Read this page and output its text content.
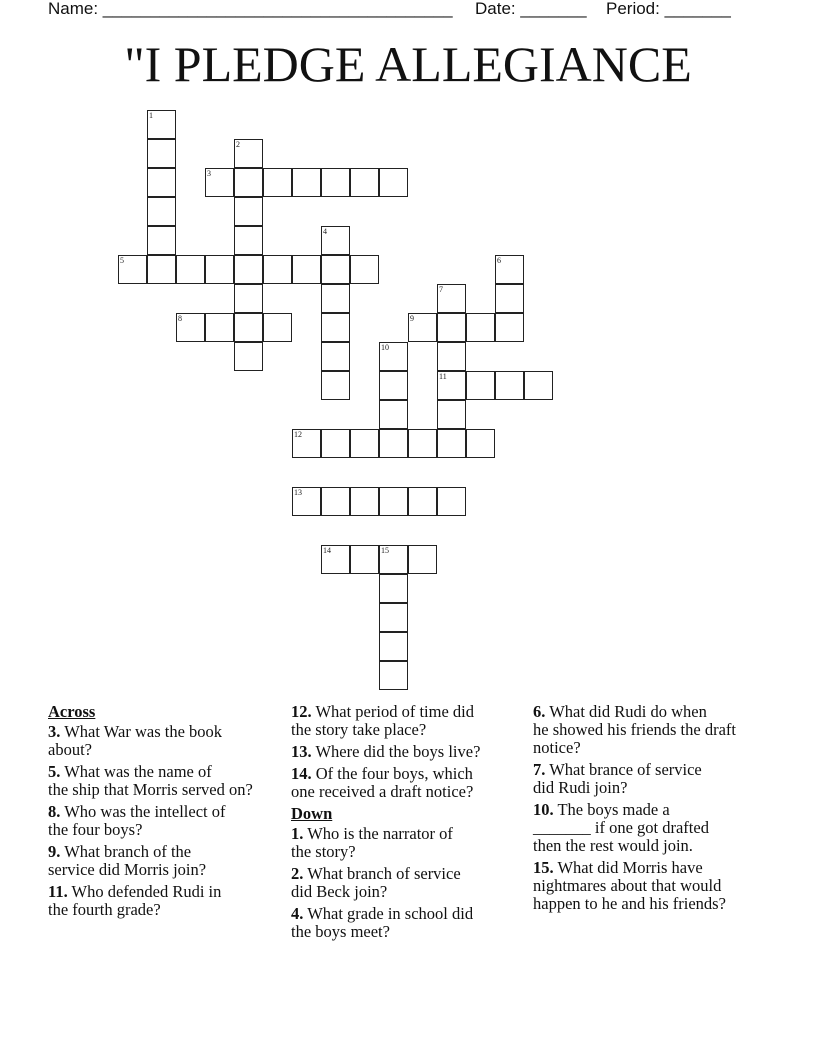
Name: _____________________________________ Date: _______ Period: _______
"I PLEDGE ALLEGIANCE
1
2
3
4
5	6
7
11
8	9
10
12
13
14	15
Across
3. What War was the book
about?
5. What was the name of
the ship that Morris served on?
8. Who was the intellect of
the four boys?
9. What branch of the
service did Morris join?
11. Who defended Rudi in
the fourth grade?
12. What period of time did
the story take place?
13. Where did the boys live?
14. Of the four boys, which
one received a draft notice?
Down
1. Who is the narrator of
the story?
2. What branch of service
did Beck join?
4. What grade in school did
the boys meet?
6. What did Rudi do when
he showed his friends the draft
notice?
7. What brance of service
did Rudi join?
10. The boys made a
_______ if one got drafted
then the rest would join.
15. What did Morris have
nightmares about that would
happen to he and his friends?
